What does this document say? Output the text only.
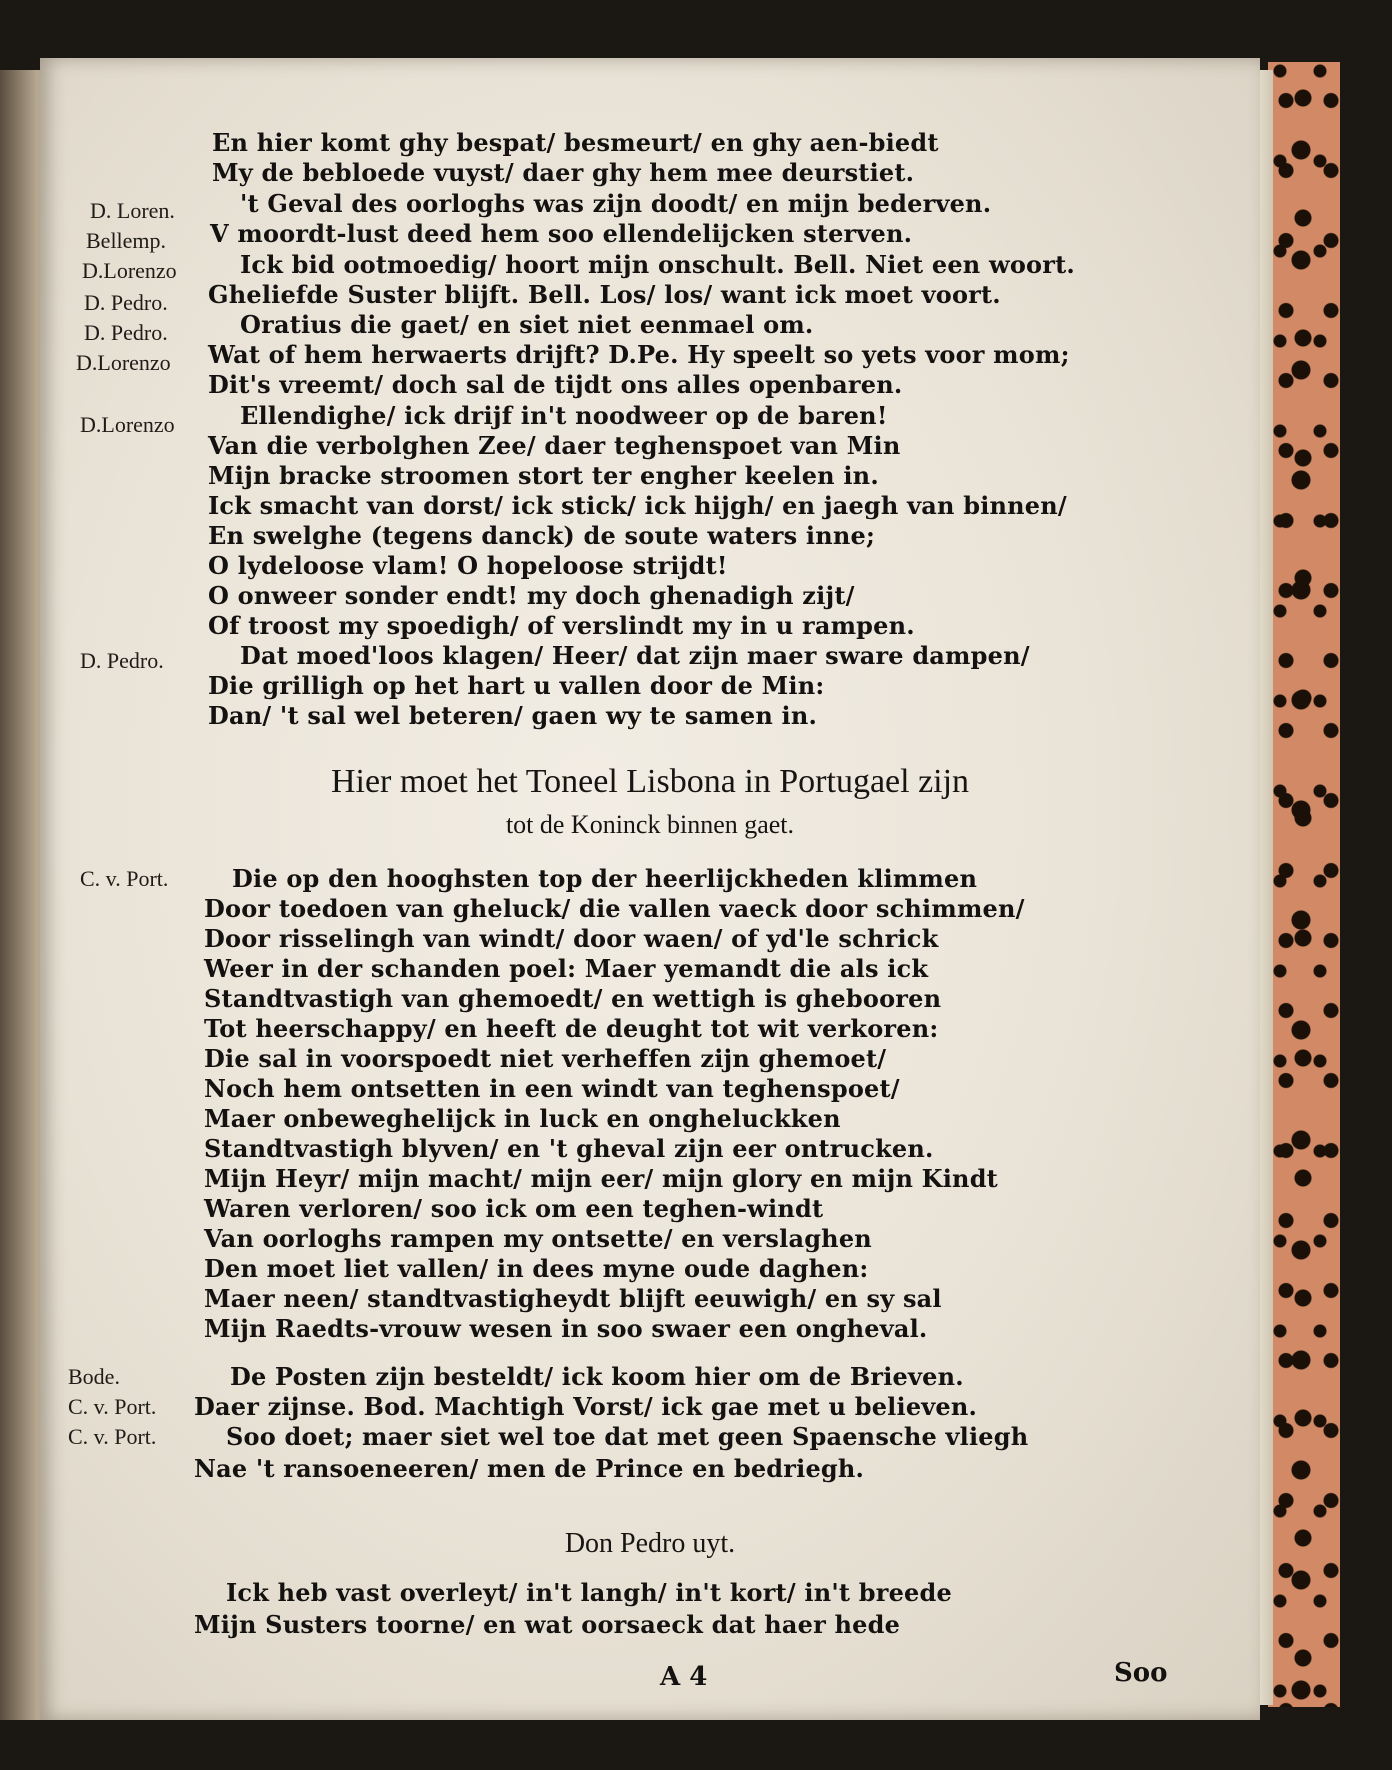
D. Loren.
Bellemp.
D.Lorenzo
D. Pedro.
D. Pedro.
D.Lorenzo
D.Lorenzo
D. Pedro.
C. v. Port.
Bode.
C. v. Port.
C. v. Port.
En hier komt ghy bespat/ besmeurt/ en ghy aen-biedt
My de bebloede vuyst/ daer ghy hem mee deurstiet.
't Geval des oorloghs was zijn doodt/ en mijn bederven.
V moordt-lust deed hem soo ellendelijcken sterven.
Ick bid ootmoedig/ hoort mijn onschult. Bell. Niet een woort.
Gheliefde Suster blijft. Bell. Los/ los/ want ick moet voort.
Oratius die gaet/ en siet niet eenmael om.
Wat of hem herwaerts drijft? D.Pe. Hy speelt so yets voor mom;
Dit's vreemt/ doch sal de tijdt ons alles openbaren.
Ellendighe/ ick drijf in't noodweer op de baren!
Van die verbolghen Zee/ daer teghenspoet van Min
Mijn bracke stroomen stort ter engher keelen in.
Ick smacht van dorst/ ick stick/ ick hijgh/ en jaegh van binnen/
En swelghe (tegens danck) de soute waters inne;
O lydeloose vlam! O hopeloose strijdt!
O onweer sonder endt! my doch ghenadigh zijt/
Of troost my spoedigh/ of verslindt my in u rampen.
Dat moed'loos klagen/ Heer/ dat zijn maer sware dampen/
Die grilligh op het hart u vallen door de Min:
Dan/ 't sal wel beteren/ gaen wy te samen in.
Hier moet het Toneel Lisbona in Portugael zijn
tot de Koninck binnen gaet.
Die op den hooghsten top der heerlijckheden klimmen
Door toedoen van gheluck/ die vallen vaeck door schimmen/
Door risselingh van windt/ door waen/ of yd'le schrick
Weer in der schanden poel: Maer yemandt die als ick
Standtvastigh van ghemoedt/ en wettigh is ghebooren
Tot heerschappy/ en heeft de deught tot wit verkoren:
Die sal in voorspoedt niet verheffen zijn ghemoet/
Noch hem ontsetten in een windt van teghenspoet/
Maer onbeweghelijck in luck en ongheluckken
Standtvastigh blyven/ en 't gheval zijn eer ontrucken.
Mijn Heyr/ mijn macht/ mijn eer/ mijn glory en mijn Kindt
Waren verloren/ soo ick om een teghen-windt
Van oorloghs rampen my ontsette/ en verslaghen
Den moet liet vallen/ in dees myne oude daghen:
Maer neen/ standtvastigheydt blijft eeuwigh/ en sy sal
Mijn Raedts-vrouw wesen in soo swaer een ongheval.
De Posten zijn besteldt/ ick koom hier om de Brieven.
Daer zijnse. Bod. Machtigh Vorst/ ick gae met u believen.
Soo doet; maer siet wel toe dat met geen Spaensche vliegh
Nae 't ransoeneeren/ men de Prince en bedriegh.
Don Pedro uyt.
Ick heb vast overleyt/ in't langh/ in't kort/ in't breede
Mijn Susters toorne/ en wat oorsaeck dat haer hede
A 4	Soo
